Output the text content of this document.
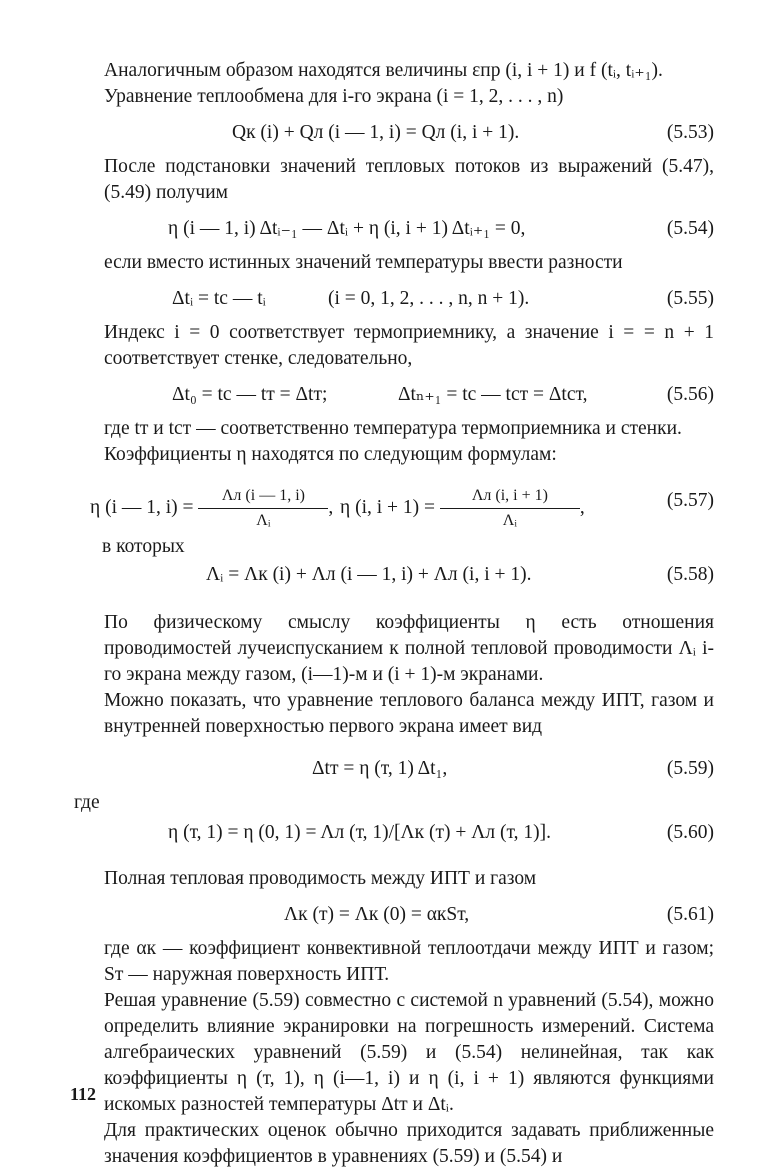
Аналогичным образом находятся величины εпр (i, i + 1) и f (tᵢ, tᵢ₊₁).

Уравнение теплообмена для i-го экрана (i = 1, 2, . . . , n)

Qк (i) + Qл (i — 1, i) = Qл (i, i + 1).	(5.53)

После подстановки значений тепловых потоков из выражений (5.47), (5.49) получим

η (i — 1, i) Δtᵢ₋₁ — Δtᵢ + η (i, i + 1) Δtᵢ₊₁ = 0,	(5.54)

если вместо истинных значений температуры ввести разности

Δtᵢ = tс — tᵢ	(i = 0, 1, 2, . . . , n, n + 1).	(5.55)

Индекс i = 0 соответствует термоприемнику, а значение i = = n + 1 соответствует стенке, следовательно,

Δt₀ = tс — tт = Δtт;	Δtₙ₊₁ = tс — tст = Δtст,	(5.56)

где tт и tст — соответственно температура термоприемника и стенки.

Коэффициенты η находятся по следующим формулам:

η (i — 1, $i) = \frac{\Lambda л (i — 1, i)}{\text{Λᵢ}}$ , η (i, $i + 1) = \frac{\Lambda л (i, i + 1)}{\text{Λᵢ}}$ ,	(5.57)

в которых

Λᵢ = Λк (i) + Λл (i — 1, i) + Λл (i, i + 1).	(5.58)

По физическому смыслу коэффициенты η есть отношения проводимостей лучеиспусканием к полной тепловой проводимости Λᵢ i-го экрана между газом, (i—1)-м и (i + 1)-м экранами.

Можно показать, что уравнение теплового баланса между ИПТ, газом и внутренней поверхностью первого экрана имеет вид

Δtт = η (т, 1) Δt₁,	(5.59)

где

η (т, 1) = η (0, 1) = Λл (т, 1)/[Λк (т) + Λл (т, 1)].	(5.60)

Полная тепловая проводимость между ИПТ и газом

Λк (т) = Λк (0) = αкSт,	(5.61)

где αк — коэффициент конвективной теплоотдачи между ИПТ и газом; Sт — наружная поверхность ИПТ.

Решая уравнение (5.59) совместно с системой n уравнений (5.54), можно определить влияние экранировки на погрешность измерений. Система алгебраических уравнений (5.59) и (5.54) нелинейная, так как коэффициенты η (т, 1), η (i—1, i) и η (i, i + 1) являются функциями искомых разностей температуры Δtт и Δtᵢ.

Для практических оценок обычно приходится задавать приближенные значения коэффициентов в уравнениях (5.59) и (5.54) и

112
